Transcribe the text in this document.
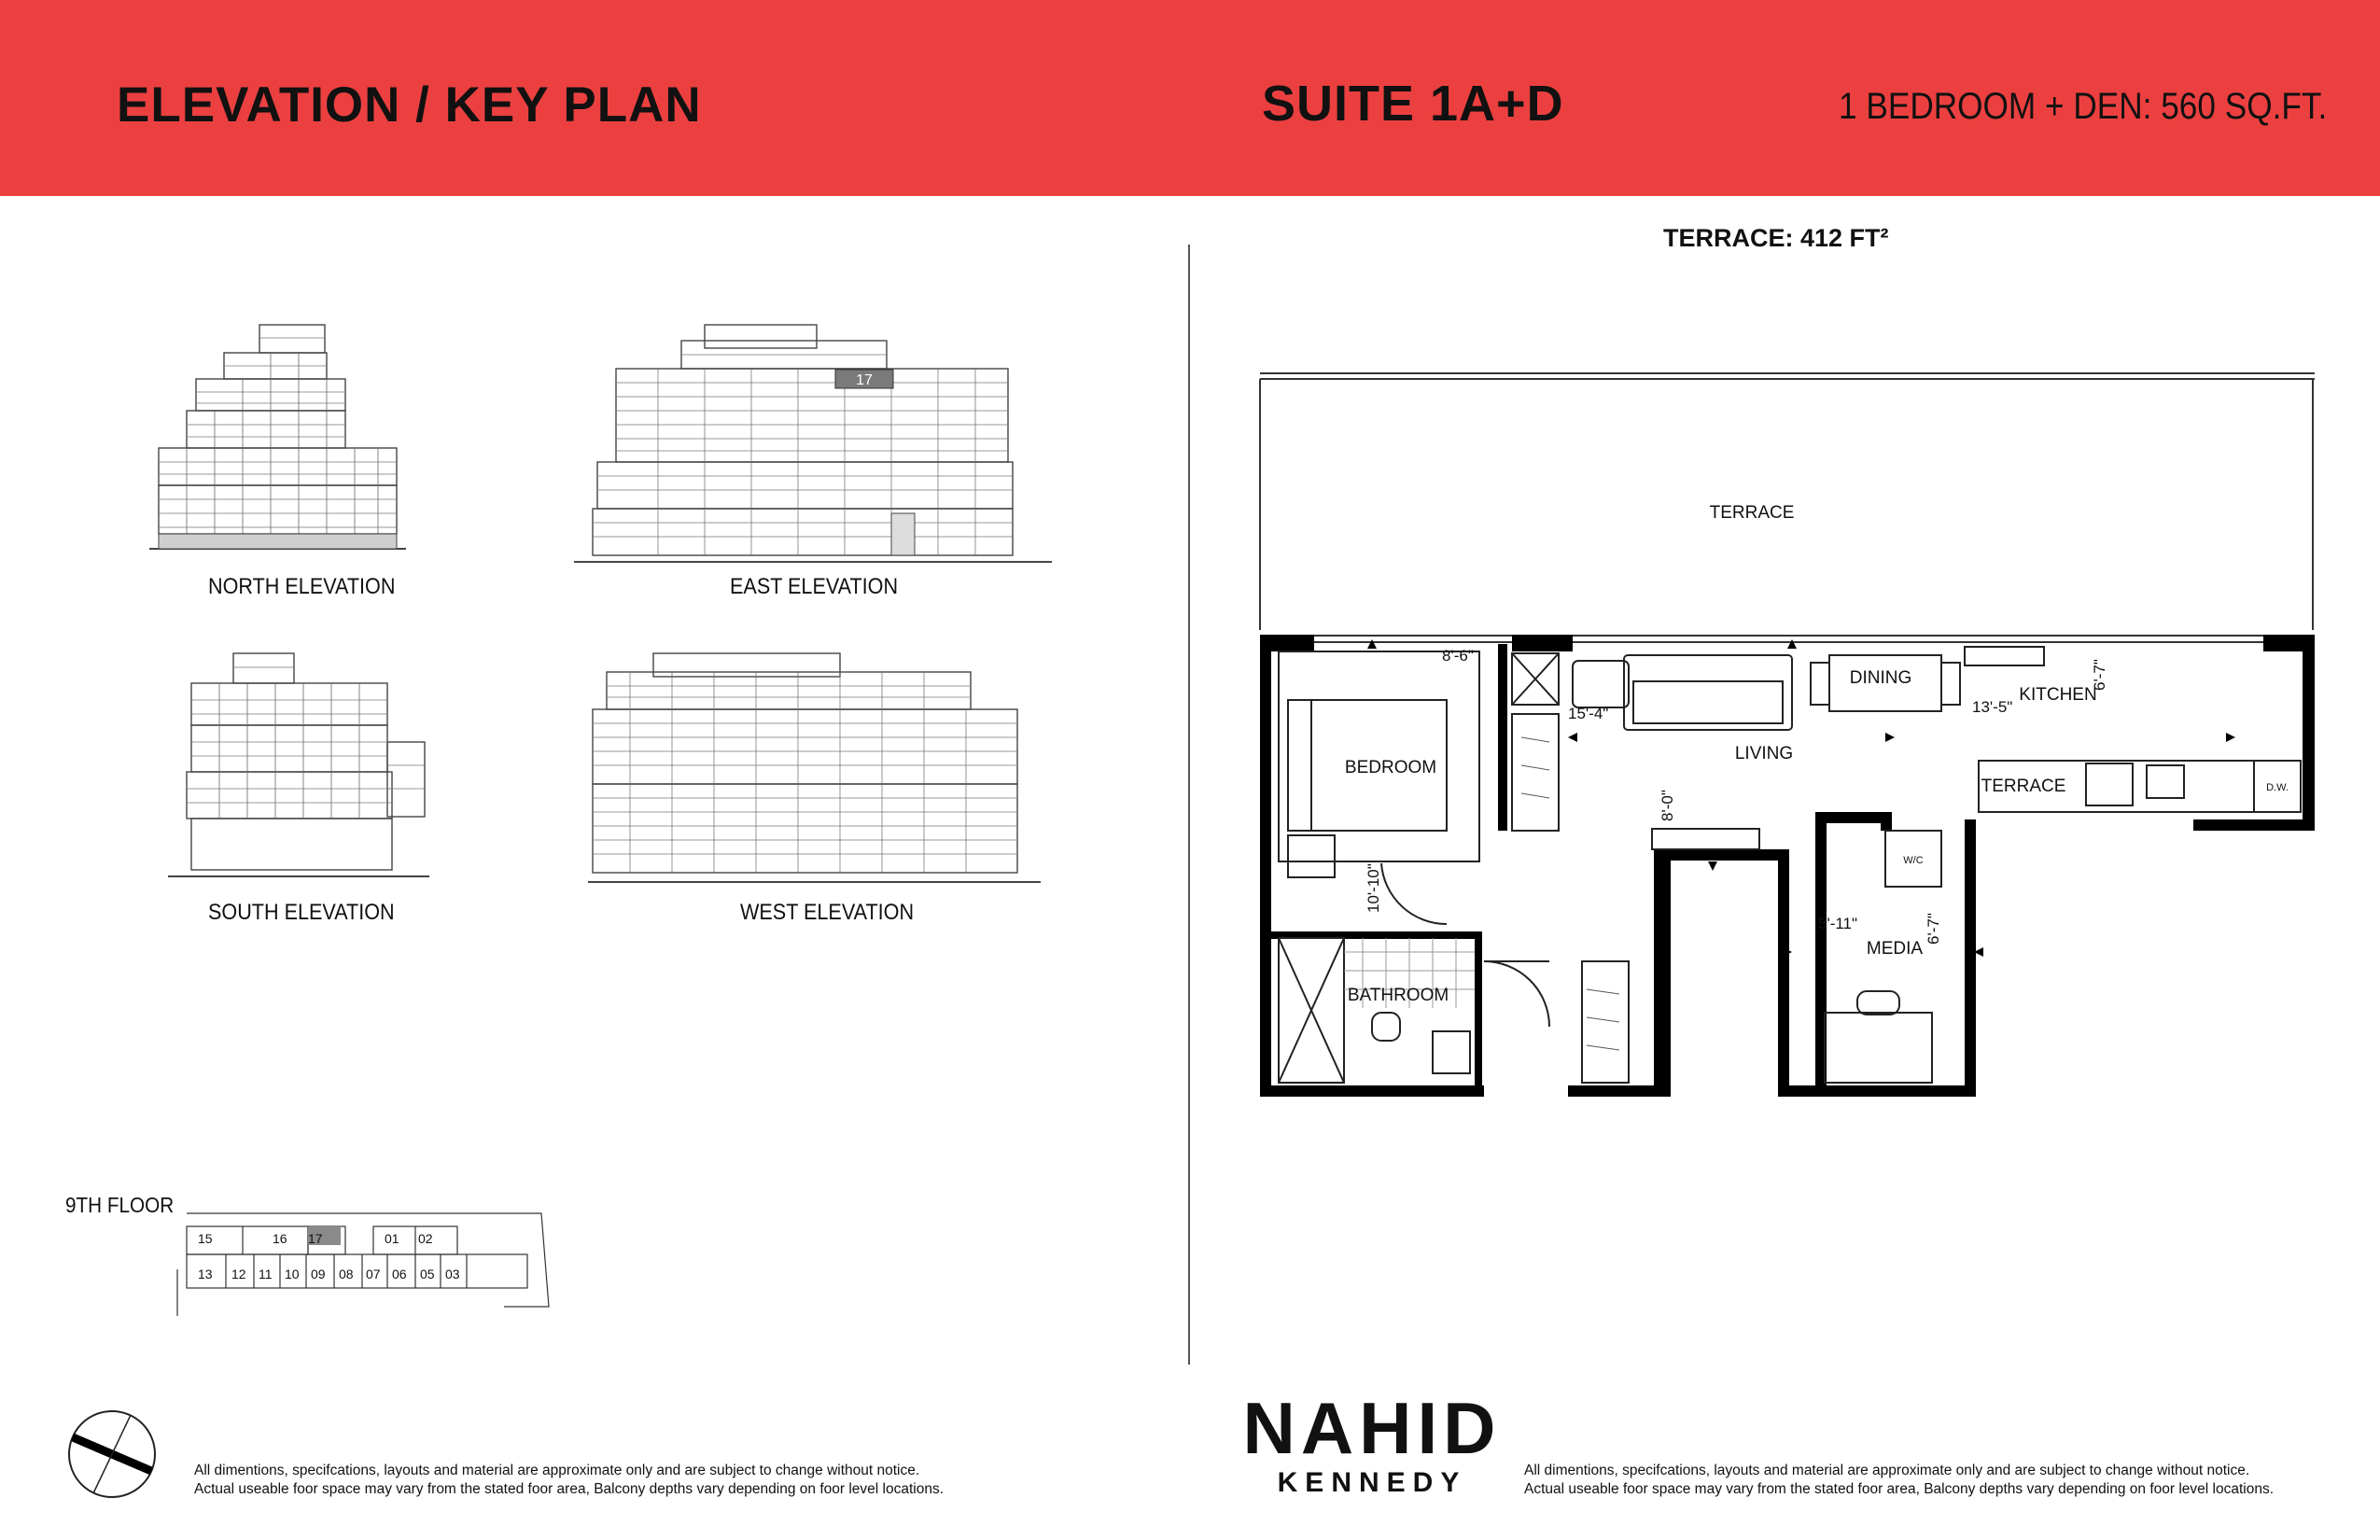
ELEVATION / KEY PLAN	SUITE 1A+D	1 BEDROOM + DEN: 560 SQ.FT.
NORTH ELEVATION
17
EAST ELEVATION
SOUTH ELEVATION	WEST ELEVATION
9TH FLOOR
15	16 17	01 02
13 12 11 10 09 08 07 06 05 03
TERRACE: 412 FT²
TERRACE
BEDROOM
DINING
KITCHEN
LIVING
TERRACE
BATHROOM
MEDIA
W/C
D.W.
8'-6"
15'-4"	13'-5"
6'-7"
8'-0"
10'-10"
5'-11"	6'-7"
NAHID
KENNEDY
All dimentions, specifcations, layouts and material are approximate only and are subject to change without notice.
Actual useable foor space may vary from the stated foor area, Balcony depths vary depending on foor level locations.
All dimentions, specifcations, layouts and material are approximate only and are subject to change without notice.
Actual useable foor space may vary from the stated foor area, Balcony depths vary depending on foor level locations.
